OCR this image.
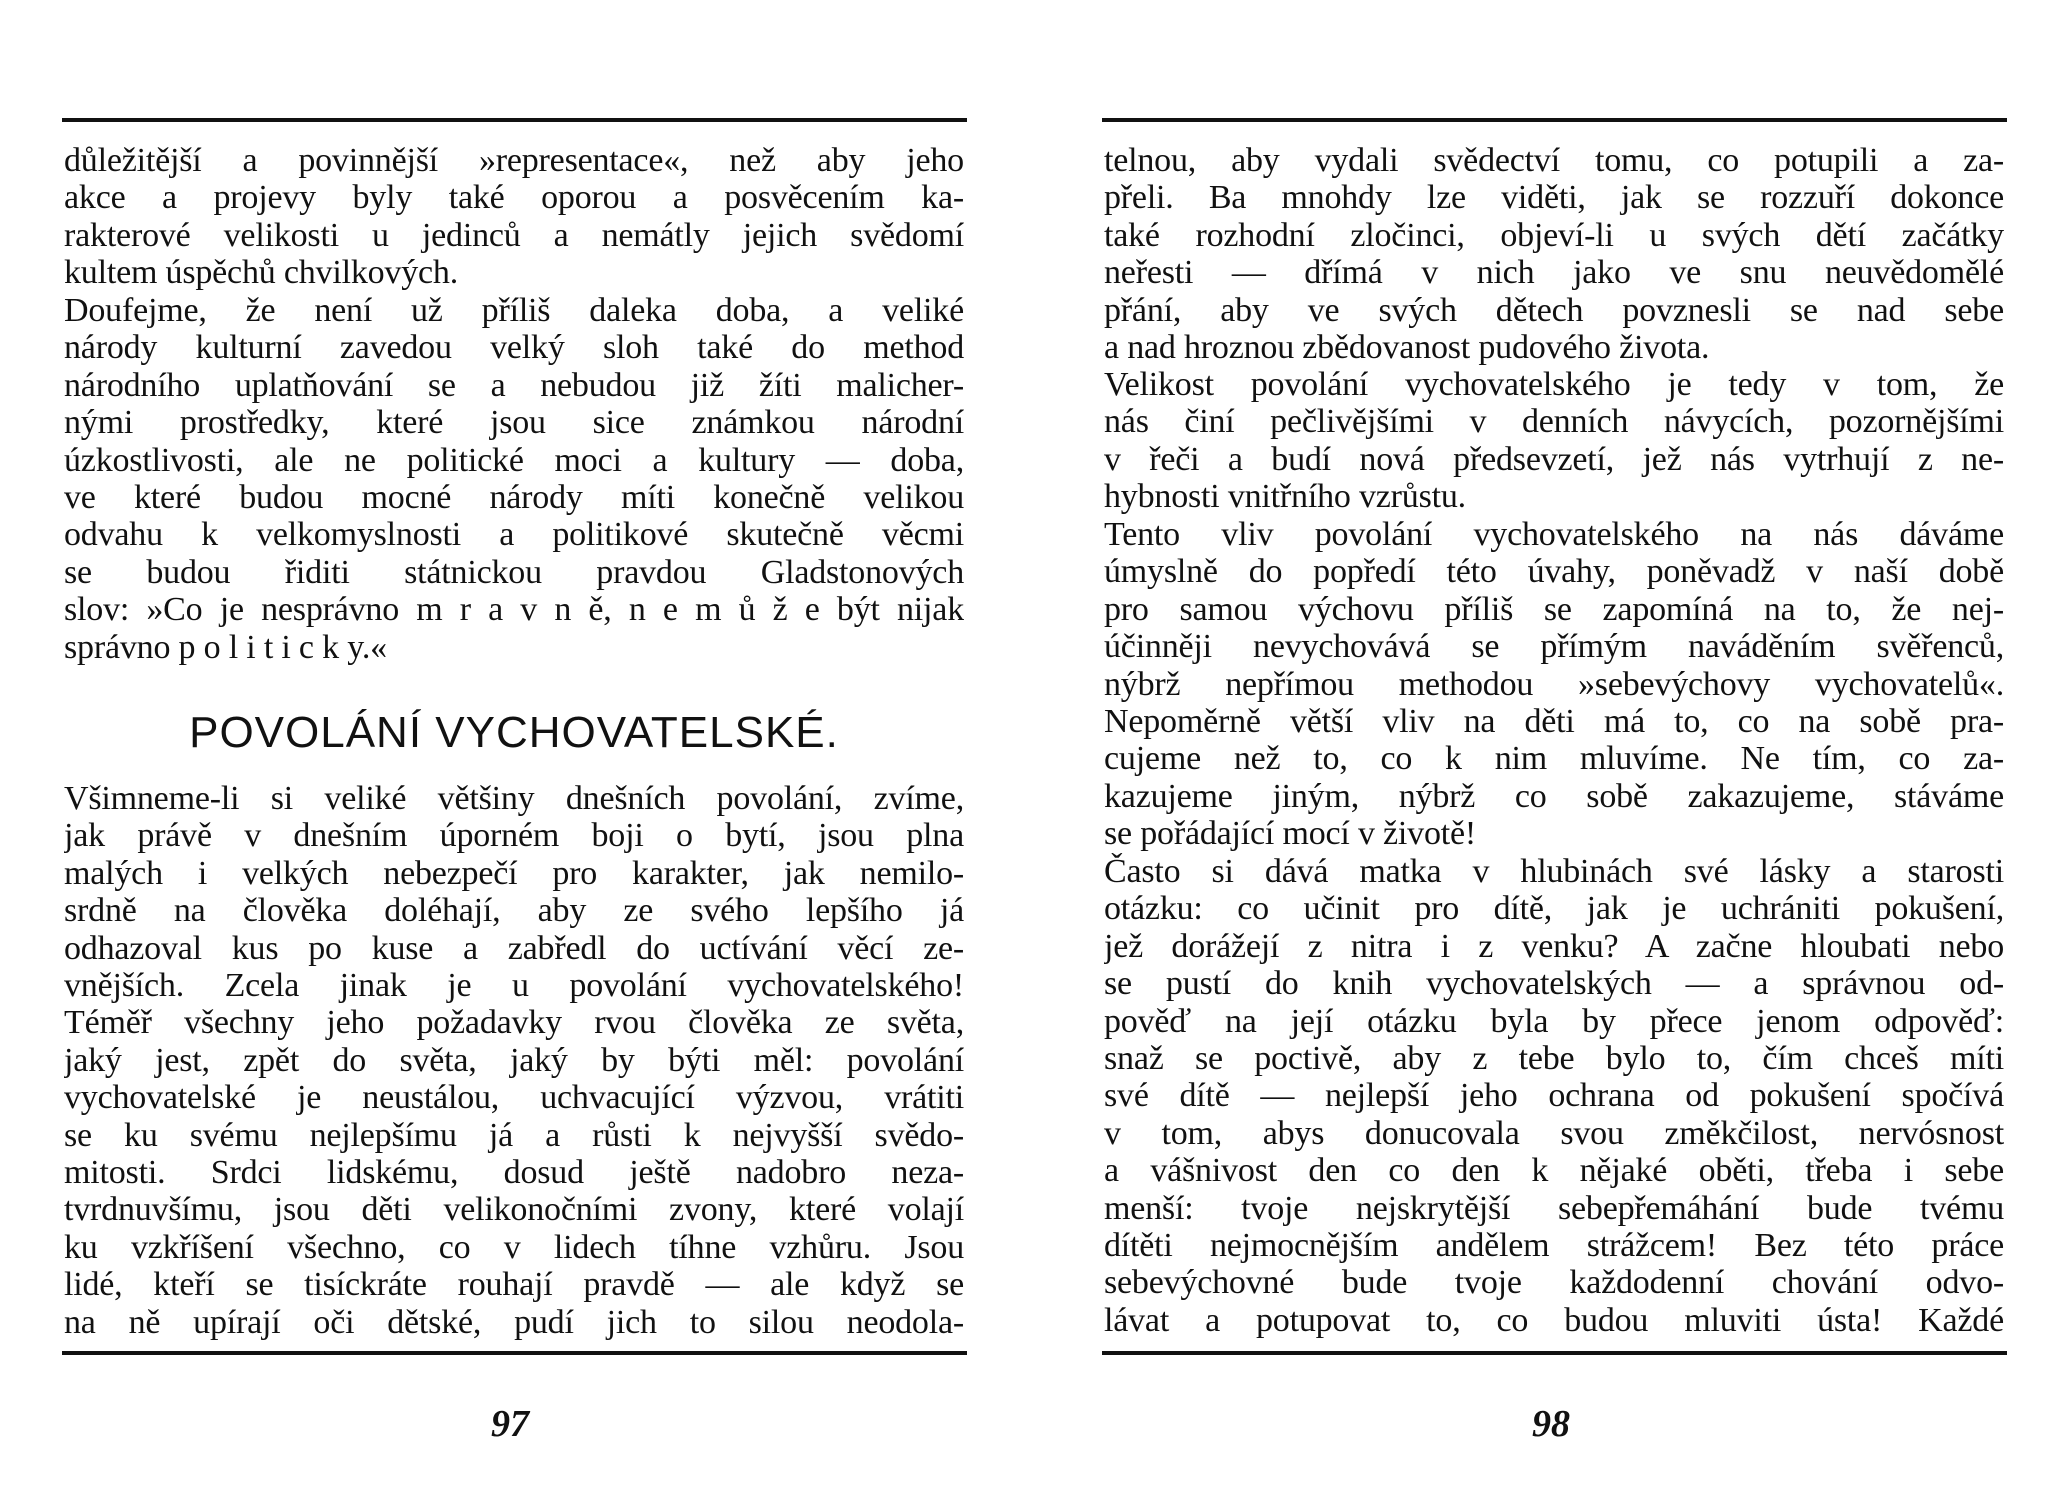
důležitější a povinnější »representace«, než aby jeho
akce a projevy byly také oporou a posvěcením ka-
rakterové velikosti u jedinců a nemátly jejich svědomí
kultem úspěchů chvilkových.
Doufejme, že není už příliš daleka doba, a veliké
národy kulturní zavedou velký sloh také do method
národního uplatňování se a nebudou již žíti malicher-
nými prostředky, které jsou sice známkou národní
úzkostlivosti, ale ne politické moci a kultury — doba,
ve které budou mocné národy míti konečně velikou
odvahu k velkomyslnosti a politikové skutečně věcmi
se budou řiditi státnickou pravdou Gladstonových
slov: »Co je nesprávno m r a v n ě, n e m ů ž e být nijak
správno p o l i t i c k y.«
POVOLÁNÍ VYCHOVATELSKÉ.
Všimneme-li si veliké většiny dnešních povolání, zvíme,
jak právě v dnešním úporném boji o bytí, jsou plna
malých i velkých nebezpečí pro karakter, jak nemilo-
srdně na člověka doléhají, aby ze svého lepšího já
odhazoval kus po kuse a zabředl do uctívání věcí ze-
vnějších. Zcela jinak je u povolání vychovatelského!
Téměř všechny jeho požadavky rvou člověka ze světa,
jaký jest, zpět do světa, jaký by býti měl: povolání
vychovatelské je neustálou, uchvacující výzvou, vrátiti
se ku svému nejlepšímu já a růsti k nejvyšší svědo-
mitosti. Srdci lidskému, dosud ještě nadobro neza-
tvrdnuvšímu, jsou děti velikonočními zvony, které volají
ku vzkříšení všechno, co v lidech tíhne vzhůru. Jsou
lidé, kteří se tisíckráte rouhají pravdě — ale když se
na ně upírají oči dětské, pudí jich to silou neodola-
97
telnou, aby vydali svědectví tomu, co potupili a za-
přeli. Ba mnohdy lze viděti, jak se rozzuří dokonce
také rozhodní zločinci, objeví-li u svých dětí začátky
neřesti — dřímá v nich jako ve snu neuvědomělé
přání, aby ve svých dětech povznesli se nad sebe
a nad hroznou zbědovanost pudového života.
Velikost povolání vychovatelského je tedy v tom, že
nás činí pečlivějšími v denních návycích, pozornějšími
v řeči a budí nová předsevzetí, jež nás vytrhují z ne-
hybnosti vnitřního vzrůstu.
Tento vliv povolání vychovatelského na nás dáváme
úmyslně do popředí této úvahy, poněvadž v naší době
pro samou výchovu příliš se zapomíná na to, že nej-
účinněji nevychovává se přímým naváděním svěřenců,
nýbrž nepřímou methodou »sebevýchovy vychovatelů«.
Nepoměrně větší vliv na děti má to, co na sobě pra-
cujeme než to, co k nim mluvíme. Ne tím, co za-
kazujeme jiným, nýbrž co sobě zakazujeme, stáváme
se pořádající mocí v životě!
Často si dává matka v hlubinách své lásky a starosti
otázku: co učinit pro dítě, jak je uchrániti pokušení,
jež dorážejí z nitra i z venku? A začne hloubati nebo
se pustí do knih vychovatelských — a správnou od-
pověď na její otázku byla by přece jenom odpověď:
snaž se poctivě, aby z tebe bylo to, čím chceš míti
své dítě — nejlepší jeho ochrana od pokušení spočívá
v tom, abys donucovala svou změkčilost, nervósnost
a vášnivost den co den k nějaké oběti, třeba i sebe
menší: tvoje nejskrytější sebepřemáhání bude tvému
dítěti nejmocnějším andělem strážcem! Bez této práce
sebevýchovné bude tvoje každodenní chování odvo-
lávat a potupovat to, co budou mluviti ústa! Každé
98
